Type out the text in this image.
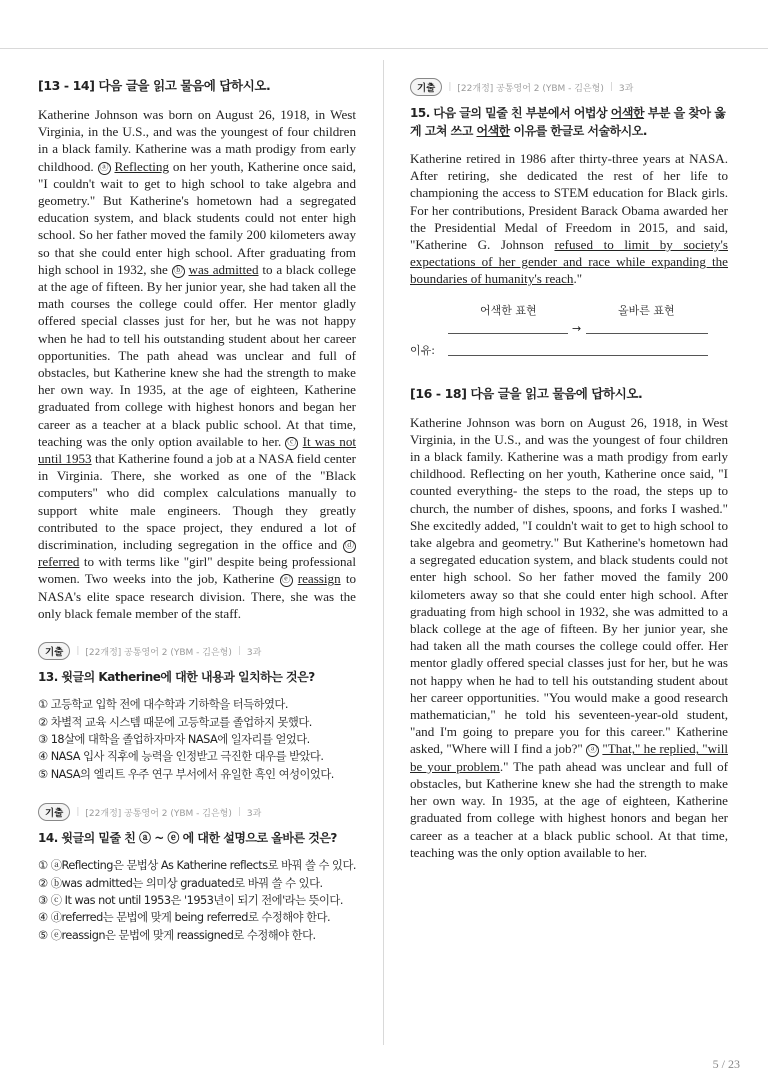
[13 - 14] 다음 글을 읽고 물음에 답하시오.

Katherine Johnson was born on August 26, 1918, in West Virginia, in the U.S., and was the youngest of four children in a black family. Katherine was a math prodigy from early childhood. ⓐ Reflecting on her youth, Katherine once said, "I couldn't wait to get to high school to take algebra and geometry." But Katherine's hometown had a segregated education system, and black students could not enter high school. So her father moved the family 200 kilometers away so that she could enter high school. After graduating from high school in 1932, she ⓑ was admitted to a black college at the age of fifteen. By her junior year, she had taken all the math courses the college could offer. Her mentor gladly offered special classes just for her, but he was not happy when he had to tell his outstanding student about her career opportunities. The path ahead was unclear and full of obstacles, but Katherine knew she had the strength to make her own way. In 1935, at the age of eighteen, Katherine graduated from college with highest honors and began her career as a teacher at a black public school. At that time, teaching was the only option available to her. ⓒ It was not until 1953 that Katherine found a job at a NASA field center in Virginia. There, she worked as one of the "Black computers" who did complex calculations manually to support white male engineers. Though they greatly contributed to the space project, they endured a lot of discrimination, including segregation in the office and ⓓ referred to with terms like "girl" despite being professional women. Two weeks into the job, Katherine ⓔ reassign to NASA's elite space research division. There, she was the only black female member of the staff.

기출	| [22개정] 공통영어 2 (YBM - 김은형) | 3과
13. 윗글의 Katherine에 대한 내용과 일치하는 것은?
① 고등학교 입학 전에 대수학과 기하학을 터득하였다.
② 차별적 교육 시스템 때문에 고등학교를 졸업하지 못했다.
③ 18살에 대학을 졸업하자마자 NASA에 일자리를 얻었다.
④ NASA 입사 직후에 능력을 인정받고 극진한 대우를 받았다.
⑤ NASA의 엘리트 우주 연구 부서에서 유일한 흑인 여성이었다.
기출	| [22개정] 공통영어 2 (YBM - 김은형) | 3과
14. 윗글의 밑줄 친 ⓐ ~ ⓔ 에 대한 설명으로 올바른 것은?
① ⓐReflecting은 문법상 As Katherine reflects로 바꿔 쓸 수 있다.
② ⓑwas admitted는 의미상 graduated로 바꿔 쓸 수 있다.
③ ⓒ It was not until 1953은 '1953년이 되기 전에'라는 뜻이다.
④ ⓓreferred는 문법에 맞게 being referred로 수정해야 한다.
⑤ ⓔreassign은 문법에 맞게 reassigned로 수정해야 한다.
기출	| [22개정] 공통영어 2 (YBM - 김은형) | 3과
15. 다음 글의 밑줄 친 부분에서 어법상 어색한 부분 을 찾아 옳게 고쳐 쓰고 어색한 이유를 한글로 서술하시오.

Katherine retired in 1986 after thirty-three years at NASA. After retiring, she dedicated the rest of her life to championing the access to STEM education for Black girls. For her contributions, President Barack Obama awarded her the Presidential Medal of Freedom in 2015, and said, "Katherine G. Johnson refused to limit by society's expectations of her gender and race while expanding the boundaries of humanity's reach."

어색한 표현	올바른 표현
→
이유:
[16 - 18] 다음 글을 읽고 물음에 답하시오.

Katherine Johnson was born on August 26, 1918, in West Virginia, in the U.S., and was the youngest of four children in a black family. Katherine was a math prodigy from early childhood. Reflecting on her youth, Katherine once said, "I counted everything- the steps to the road, the steps up to church, the number of dishes, spoons, and forks I washed." She excitedly added, "I couldn't wait to get to high school to take algebra and geometry." But Katherine's hometown had a segregated education system, and black students could not enter high school. So her father moved the family 200 kilometers away so that she could enter high school. After graduating from high school in 1932, she was admitted to a black college at the age of fifteen. By her junior year, she had taken all the math courses the college could offer. Her mentor gladly offered special classes just for her, but he was not happy when he had to tell his outstanding student about her career opportunities. "You would make a good research mathematician," he told his seventeen-year-old student, "and I'm going to prepare you for this career." Katherine asked, "Where will I find a job?" ⓐ "That," he replied, "will be your problem." The path ahead was unclear and full of obstacles, but Katherine knew she had the strength to make her own way. In 1935, at the age of eighteen, Katherine graduated from college with highest honors and began her career as a teacher at a black public school. At that time, teaching was the only option available to her.

5 / 23
